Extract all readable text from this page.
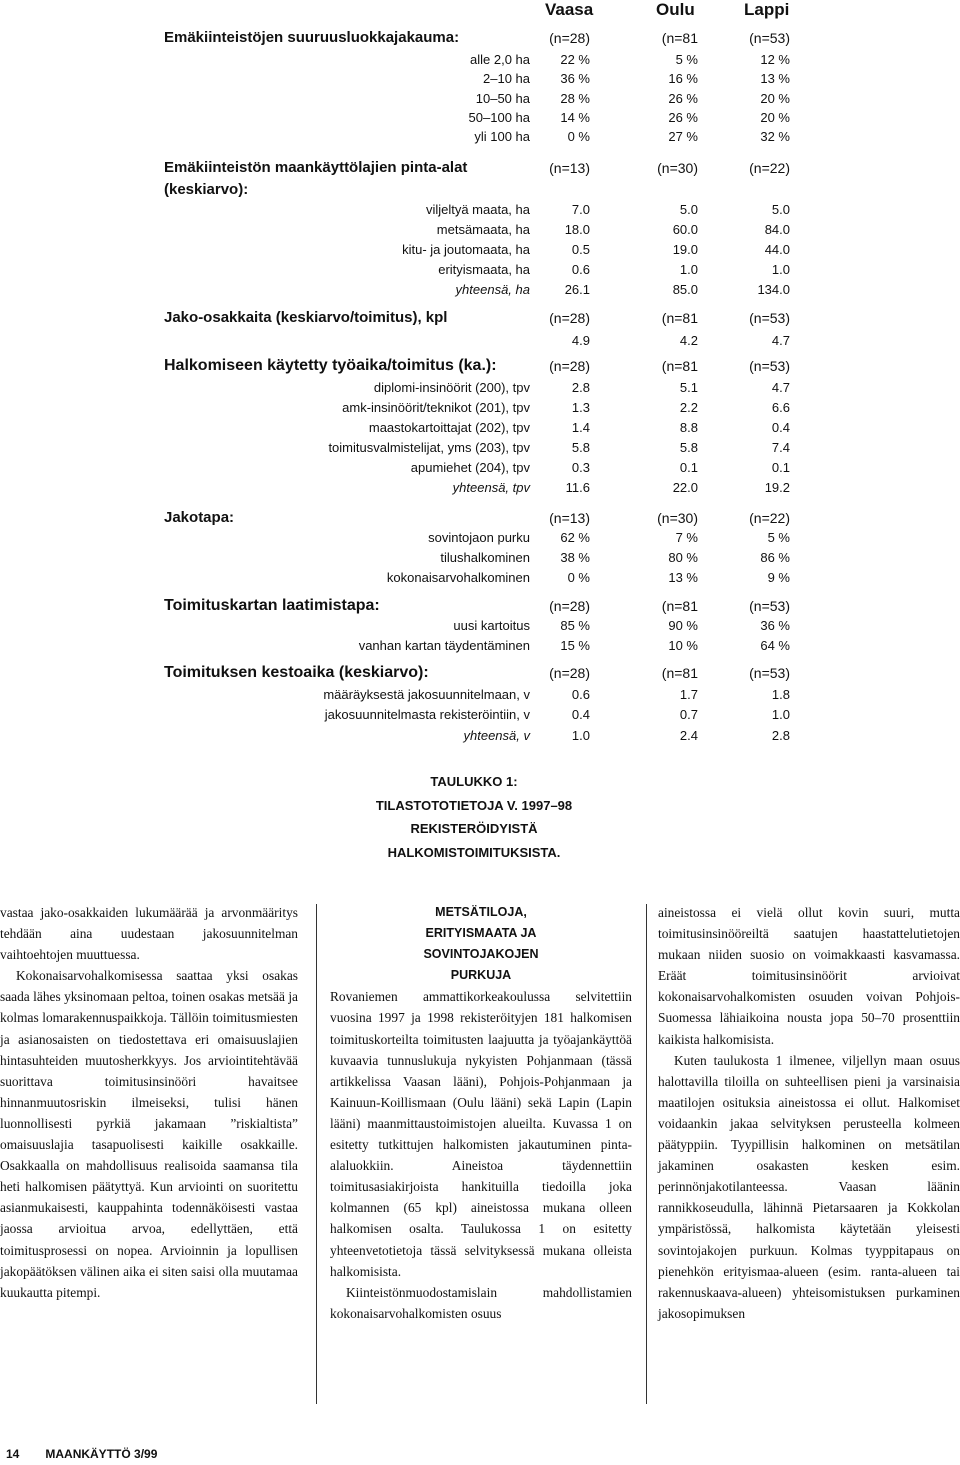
Vaasa	Oulu	Lappi
Emäkiinteistöjen suuruusluokkajakauma:	(n=28)	(n=81	(n=53)
alle 2,0 ha 22 %	5 %	12 %
2–10 ha 36 %	16 %	13 %
10–50 ha 28 %	26 %	20 %
50–100 ha 14 %	26 %	20 %
yli 100 ha	0 %	27 %	32 %
Emäkiinteistön maankäyttölajien pinta-alat
(keskiarvo):
(n=13)	(n=30)	(n=22)
viljeltyä maata, ha	7.0	5.0	5.0
metsämaata, ha	18.0	60.0	84.0
kitu- ja joutomaata, ha	0.5	19.0	44.0
erityismaata, ha	0.6	1.0	1.0
yhteensä, ha	26.1	85.0	134.0
Jako-osakkaita (keskiarvo/toimitus), kpl	(n=28)	(n=81	(n=53)
4.9	4.2	4.7
Halkomiseen käytetty työaika/toimitus (ka.):	(n=28)	(n=81	(n=53)
diplomi-insinöörit (200), tpv	2.8	5.1	4.7
amk-insinöörit/teknikot (201), tpv	1.3	2.2	6.6
maastokartoittajat (202), tpv	1.4	8.8	0.4
toimitusvalmistelijat, yms (203), tpv	5.8	5.8	7.4
apumiehet (204), tpv	0.3	0.1	0.1
yhteensä, tpv	11.6	22.0	19.2
Jakotapa:	(n=13)	(n=30)	(n=22)
sovintojaon purku 62 %	7 %	5 %
tilushalkominen 38 %	80 %	86 %
kokonaisarvohalkominen	0 %	13 %	9 %
Toimituskartan laatimistapa:	(n=28)	(n=81	(n=53)
uusi kartoitus 85 %	90 %	36 %
vanhan kartan täydentäminen 15 %	10 %	64 %
Toimituksen kestoaika (keskiarvo):	(n=28)	(n=81	(n=53)
määräyksestä jakosuunnitelmaan, v	0.6	1.7	1.8
jakosuunnitelmasta rekisteröintiin, v	0.4	0.7	1.0
yhteensä, v	1.0	2.4	2.8
TAULUKKO 1:
TILASTOTOTIETOJA V. 1997–98
REKISTERÖIDYISTÄ
HALKOMISTOIMITUKSISTA.

vastaa jako-osakkaiden lukumäärää ja arvonmääritys tehdään aina uudestaan jakosuunnitelman vaihtoehtojen muuttuessa.

Kokonaisarvohalkomisessa saattaa yksi osakas saada lähes yksinomaan peltoa, toinen osakas metsää ja kolmas lomarakennuspaikkoja. Tällöin toimitusmiesten ja asianosaisten on tiedostettava eri omaisuuslajien hintasuhteiden muutosherkkyys. Jos arviointitehtävää suorittava toimitusinsinööri havaitsee hinnanmuutosriskin ilmeiseksi, tulisi hänen luonnollisesti pyrkiä jakamaan ”riskialtista” omaisuuslajia tasapuolisesti kaikille osakkaille. Osakkaalla on mahdollisuus realisoida saamansa tila heti halkomisen päätyttyä. Kun arviointi on suoritettu asianmukaisesti, kauppahinta todennäköisesti vastaa jaossa arvioitua arvoa, edellyttäen, että toimitusprosessi on nopea. Arvioinnin ja lopullisen jakopäätöksen välinen aika ei siten saisi olla muutamaa kuukautta pitempi.

METSÄTILOJA,
ERITYISMAATA JA
SOVINTOJAKOJEN
PURKUJA

Rovaniemen ammattikorkeakoulussa selvitettiin vuosina 1997 ja 1998 rekisteröityjen 181 halkomisen toimituskorteilta toimitusten laajuutta ja työajankäyttöä kuvaavia tunnuslukuja nykyisten Pohjanmaan (tässä artikkelissa Vaasan lääni), Pohjois-Pohjanmaan ja Kainuun-Koillismaan (Oulu lääni) sekä Lapin (Lapin lääni) maanmittaustoimistojen alueilta. Kuvassa 1 on esitetty tutkittujen halkomisten jakautuminen pinta-alaluokkiin. Aineistoa täydennettiin toimitusasiakirjoista hankituilla tiedoilla joka kolmannen (65 kpl) aineistossa mukana olleen halkomisen osalta. Taulukossa 1 on esitetty yhteenvetotietoja tässä selvityksessä mukana olleista halkomisista.

Kiinteistönmuodostamislain mahdollistamien kokonaisarvohalkomisten osuus

aineistossa ei vielä ollut kovin suuri, mutta toimitusinsinööreiltä saatujen haastattelutietojen mukaan niiden suosio on voimakkaasti kasvamassa. Eräät toimitusinsinöörit arvioivat kokonaisarvohalkomisten osuuden voivan Pohjois-Suomessa lähiaikoina nousta jopa 50–70 prosenttiin kaikista halkomisista.

Kuten taulukosta 1 ilmenee, viljellyn maan osuus halottavilla tiloilla on suhteellisen pieni ja varsinaisia maatilojen osituksia aineistossa ei ollut. Halkomiset voidaankin jakaa selvityksen perusteella kolmeen päätyppiin. Tyypillisin halkominen on metsätilan jakaminen osakasten kesken esim. perinnönjakotilanteessa. Vaasan läänin rannikkoseudulla, lähinnä Pietarsaaren ja Kokkolan ympäristössä, halkomista käytetään yleisesti sovintojakojen purkuun. Kolmas tyyppitapaus on pienehkön erityismaa-alueen (esim. ranta-alueen tai rakennuskaava-alueen) yhteisomistuksen purkaminen jakosopimuksen

14 MAANKÄYTTÖ 3/99
